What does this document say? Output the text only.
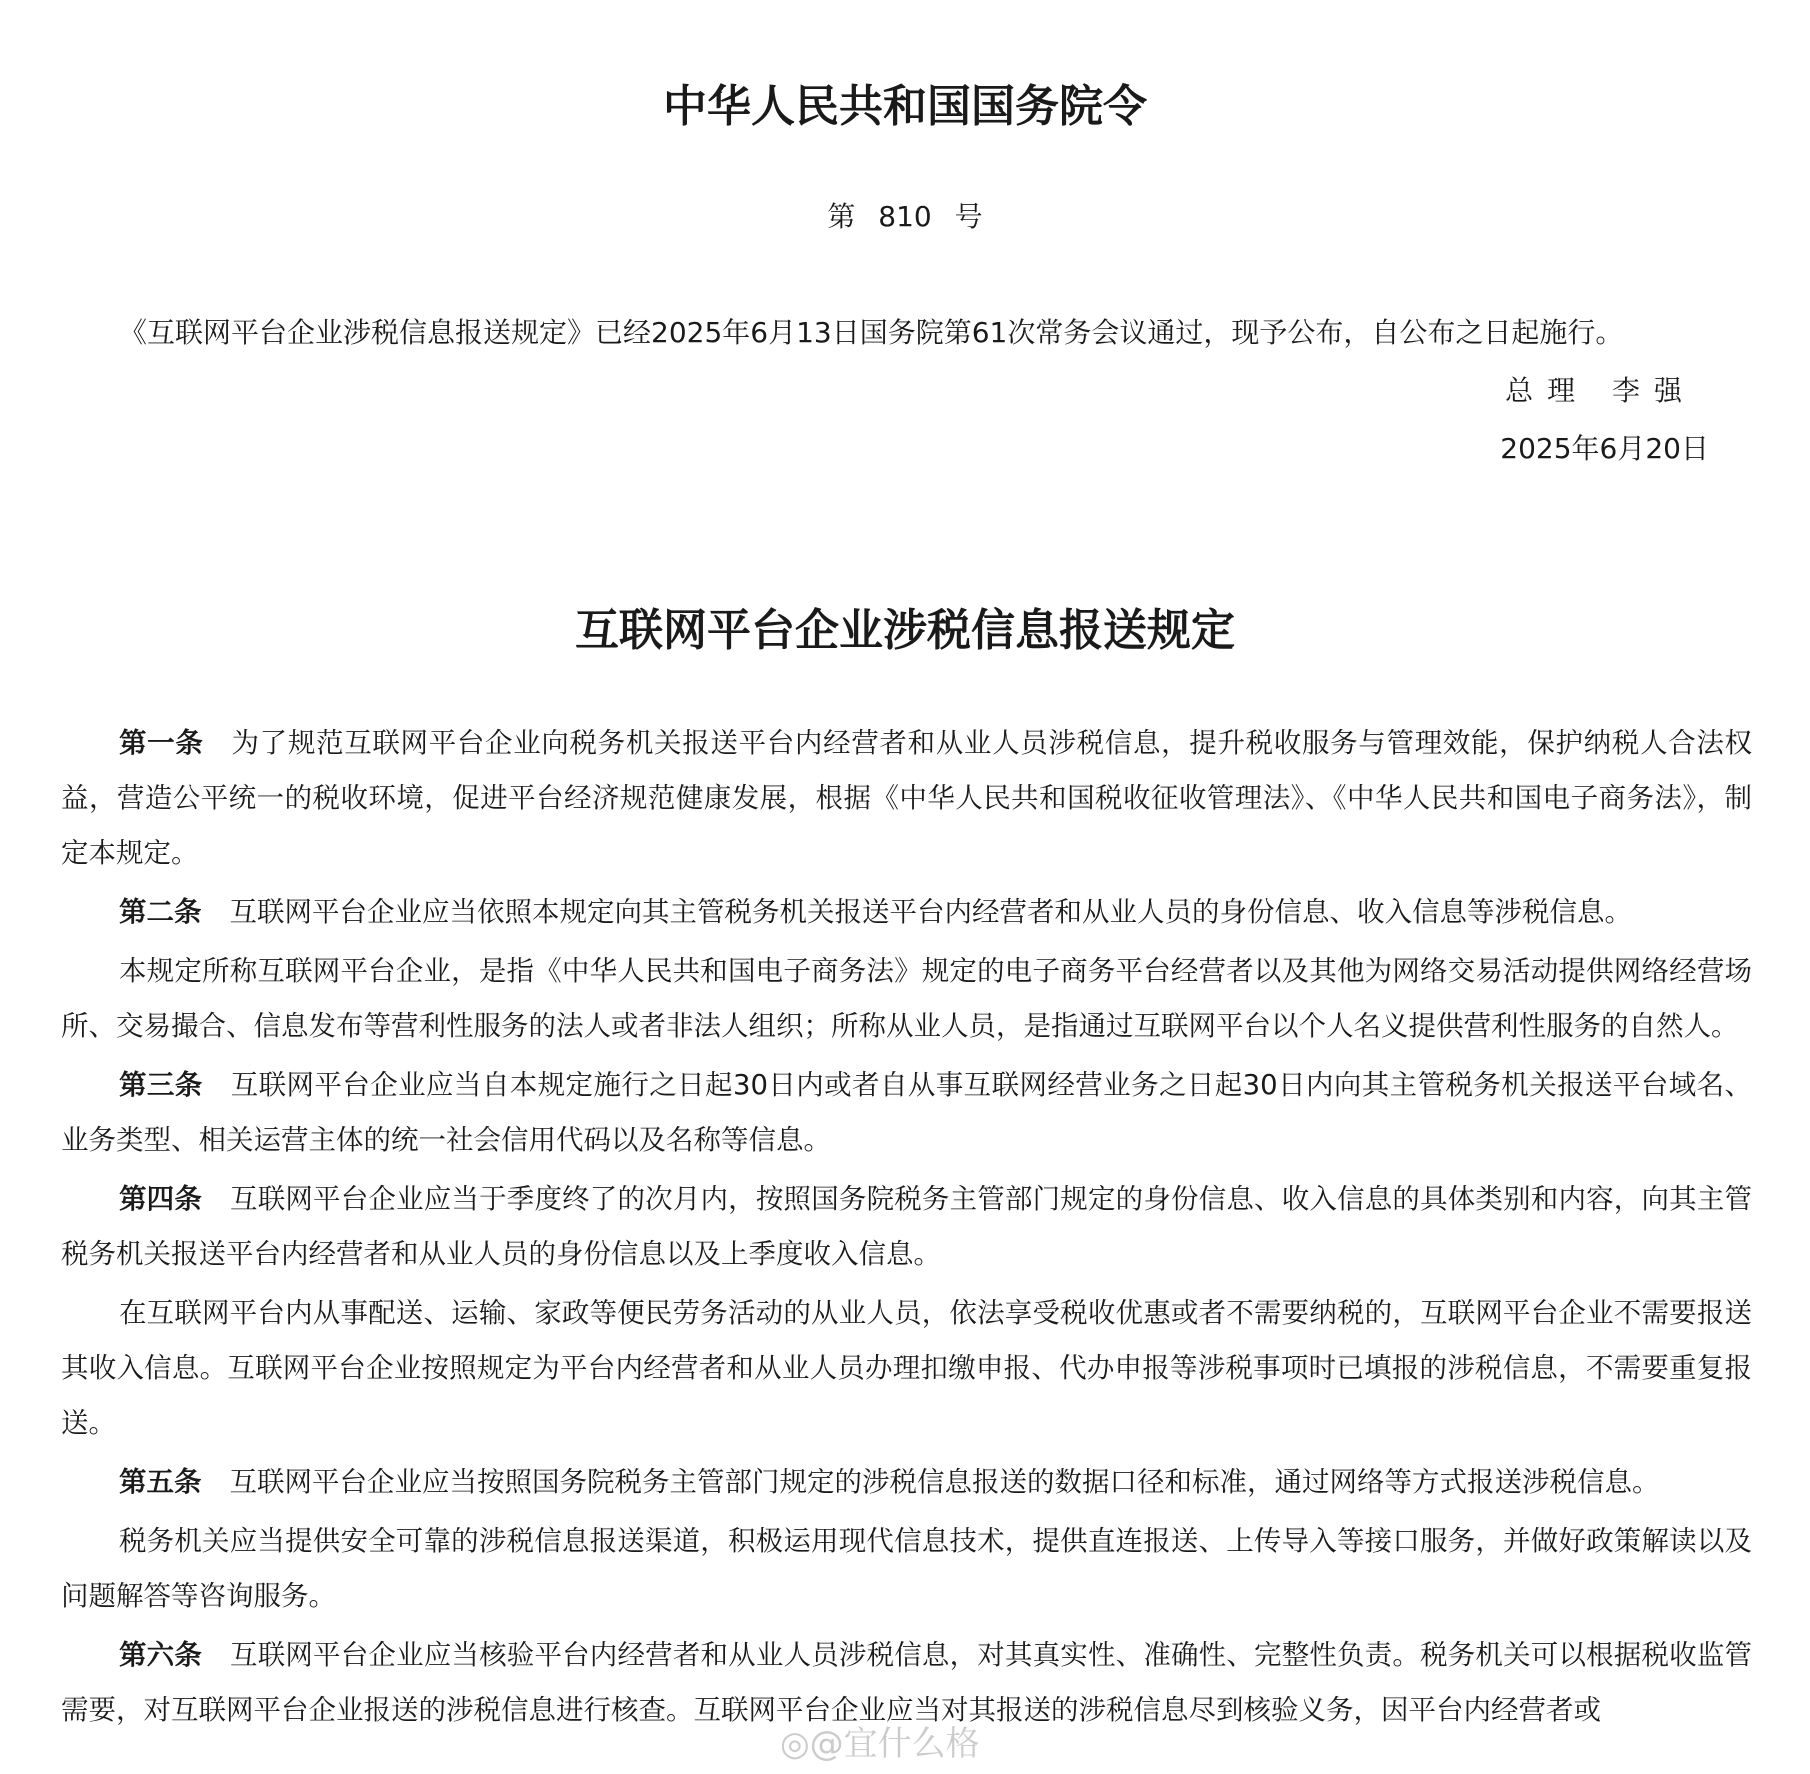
中华人民共和国国务院令
第 810 号
《互联网平台企业涉税信息报送规定》已经2025年6月13日国务院第61次常务会议通过，现予公布，自公布之日起施行。
总理 李强
2025年6月20日
互联网平台企业涉税信息报送规定

第一条 为了规范互联网平台企业向税务机关报送平台内经营者和从业人员涉税信息，提升税收服务与管理效能，保护纳税人合法权益，营造公平统一的税收环境，促进平台经济规范健康发展，根据《中华人民共和国税收征收管理法》、《中华人民共和国电子商务法》，制定本规定。

第二条 互联网平台企业应当依照本规定向其主管税务机关报送平台内经营者和从业人员的身份信息、收入信息等涉税信息。

本规定所称互联网平台企业，是指《中华人民共和国电子商务法》规定的电子商务平台经营者以及其他为网络交易活动提供网络经营场所、交易撮合、信息发布等营利性服务的法人或者非法人组织；所称从业人员，是指通过互联网平台以个人名义提供营利性服务的自然人。

第三条 互联网平台企业应当自本规定施行之日起30日内或者自从事互联网经营业务之日起30日内向其主管税务机关报送平台域名、业务类型、相关运营主体的统一社会信用代码以及名称等信息。

第四条 互联网平台企业应当于季度终了的次月内，按照国务院税务主管部门规定的身份信息、收入信息的具体类别和内容，向其主管税务机关报送平台内经营者和从业人员的身份信息以及上季度收入信息。

在互联网平台内从事配送、运输、家政等便民劳务活动的从业人员，依法享受税收优惠或者不需要纳税的，互联网平台企业不需要报送其收入信息。互联网平台企业按照规定为平台内经营者和从业人员办理扣缴申报、代办申报等涉税事项时已填报的涉税信息，不需要重复报送。

第五条 互联网平台企业应当按照国务院税务主管部门规定的涉税信息报送的数据口径和标准，通过网络等方式报送涉税信息。

税务机关应当提供安全可靠的涉税信息报送渠道，积极运用现代信息技术，提供直连报送、上传导入等接口服务，并做好政策解读以及问题解答等咨询服务。

第六条 互联网平台企业应当核验平台内经营者和从业人员涉税信息，对其真实性、准确性、完整性负责。税务机关可以根据税收监管需要，对互联网平台企业报送的涉税信息进行核查。互联网平台企业应当对其报送的涉税信息尽到核验义务，因平台内经营者或

◎@宜什么格
